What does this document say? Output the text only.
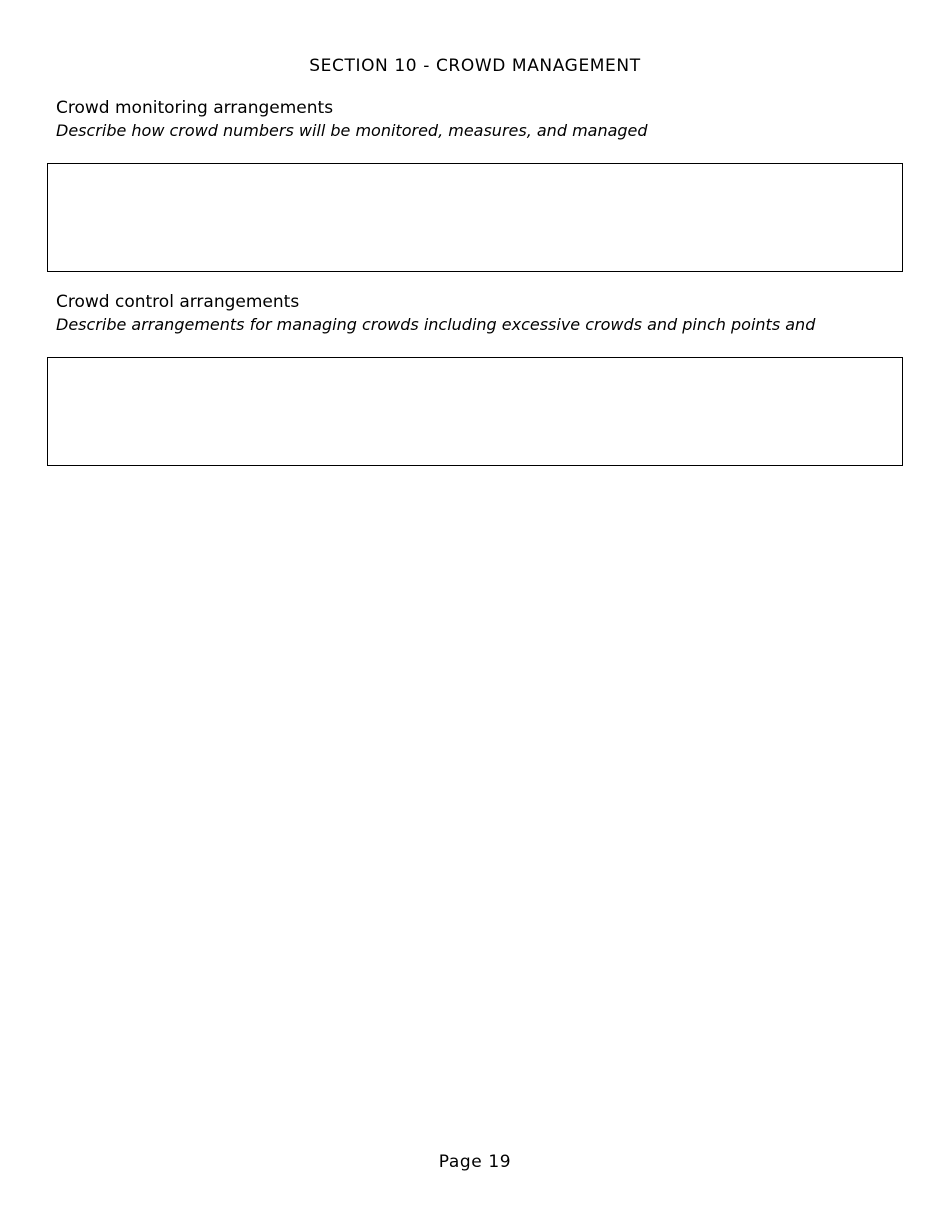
SECTION 10 - CROWD MANAGEMENT
Crowd monitoring arrangements
Describe how crowd numbers will be monitored, measures, and managed
Crowd control arrangements
Describe arrangements for managing crowds including excessive crowds and pinch points and
Page 19
